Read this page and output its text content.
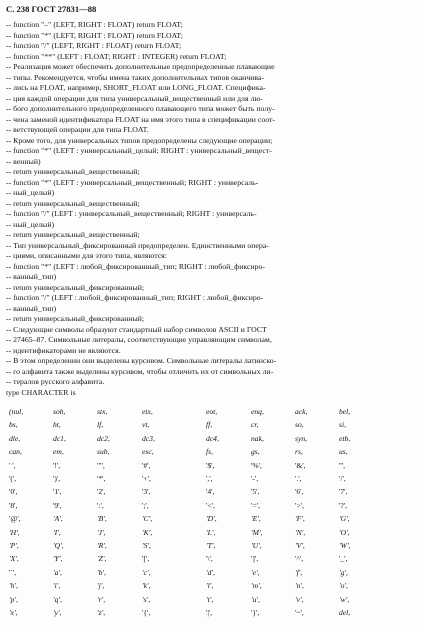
С. 238 ГОСТ 27831—88
-- function "–" (LEFT, RIGHT : FLOAT) return FLOAT;
-- function "*" (LEFT, RIGHT : FLOAT) return FLOAT;
-- function "/" (LEFT, RIGHT : FLOAT) return FLOAT;
-- function "**" (LEFT : FLOAT; RIGHT : INTEGER) return FLOAT;
-- Реализация может обеспечить дополнительные предопределенные плавающие
-- типы. Рекомендуется, чтобы имена таких дополнительных типов оканчива-
-- лись на FLOAT, например, SHORT_FLOAT или LONG_FLOAT. Специфика-
-- ция каждой операции для типа универсальный_вещественный или для лю-
-- бого дополнительного предопределенного плавающего типа может быть полу-
-- чена заменой идентификатора FLOAT на имя этого типа в спецификации соот-
-- ветствующей операции для типа FLOAT.
-- Кроме того, для универсальных типов предопределены следующие операции;
-- function "*" (LEFT : универсальный_целый; RIGHT : универсальный_вещест-
-- венный)
-- return универсальный_вещественный;
-- function "*" (LEFT : универсальный_вещественный; RIGHT : универсаль-
-- ный_целый)
-- return универсальный_вещественный;
-- function "/" (LEFT : универсальный_вещественный; RIGHT : универсаль-
-- ный_целый)
-- return универсальный_вещественный;
-- Тип универсальный_фиксированный предопределен. Единственными опера-
-- циями, описанными для этого типа, являются:
-- function "*" (LEFT : любой_фиксированный_тип; RIGHT : любой_фиксиро-
-- ванный_тип)
-- return универсальный_фиксированный;
-- function "/" (LEFT : любой_фиксированный_тип; RIGHT : любой_фиксиро-
-- ванный_тип)
-- return универсальный_фиксированный;
-- Следующие символы образуют стандартный набор символов ASCII и ГОСТ
-- 27465–87. Символьные литералы, соответствующие управляющим символам,
-- идентификаторами не являются.
-- В этом определении они выделены курсивом. Символьные литералы латинско-
-- го алфавита также выделены курсивом, чтобы отличить их от символьных ли-
-- тералов русского алфавита.
type CHARACTER is
(nul,	soh,	stx,	etx,	eot,	enq,	ack,	bel,
bs,	ht,	lf,	vt,	ff,	cr,	so,	si,
dle,	dc1,	dc2,	dc3,	dc4,	nak,	syn,	etb,
can,	em,	sub,	esc,	fs,	gs,	rs,	us,
' ',	'!',	'"',	'#',	'$',	'%',	'&',	''',
'(',	')',	'*',	'+',	',',	'-',	'.',	'/',
'0',	'1',	'2',	'3',	'4',	'5',	'6',	'7',
'8',	'9',	':',	';',	'<',	'=',	'>',	'?',
'@',	'A',	'B',	'C',	'D',	'E',	'F',	'G',
'H',	'I',	'J',	'K',	'L',	'M',	'N',	'O',
'P',	'Q',	'R',	'S',	'T',	'U',	'V',	'W',
'X',	'Y',	'Z',	'[',	'\',	']',	'^',	'_',
'`',	'a',	'b',	'c',	'd',	'e',	'f',	'g',
'h',	'i',	'j',	'k',	'l',	'm',	'n',	'o',
'p',	'q',	'r',	's',	't',	'u',	'v',	'w',
'x',	'y',	'z',	'{',	'|',	'}',	'~',	del,
